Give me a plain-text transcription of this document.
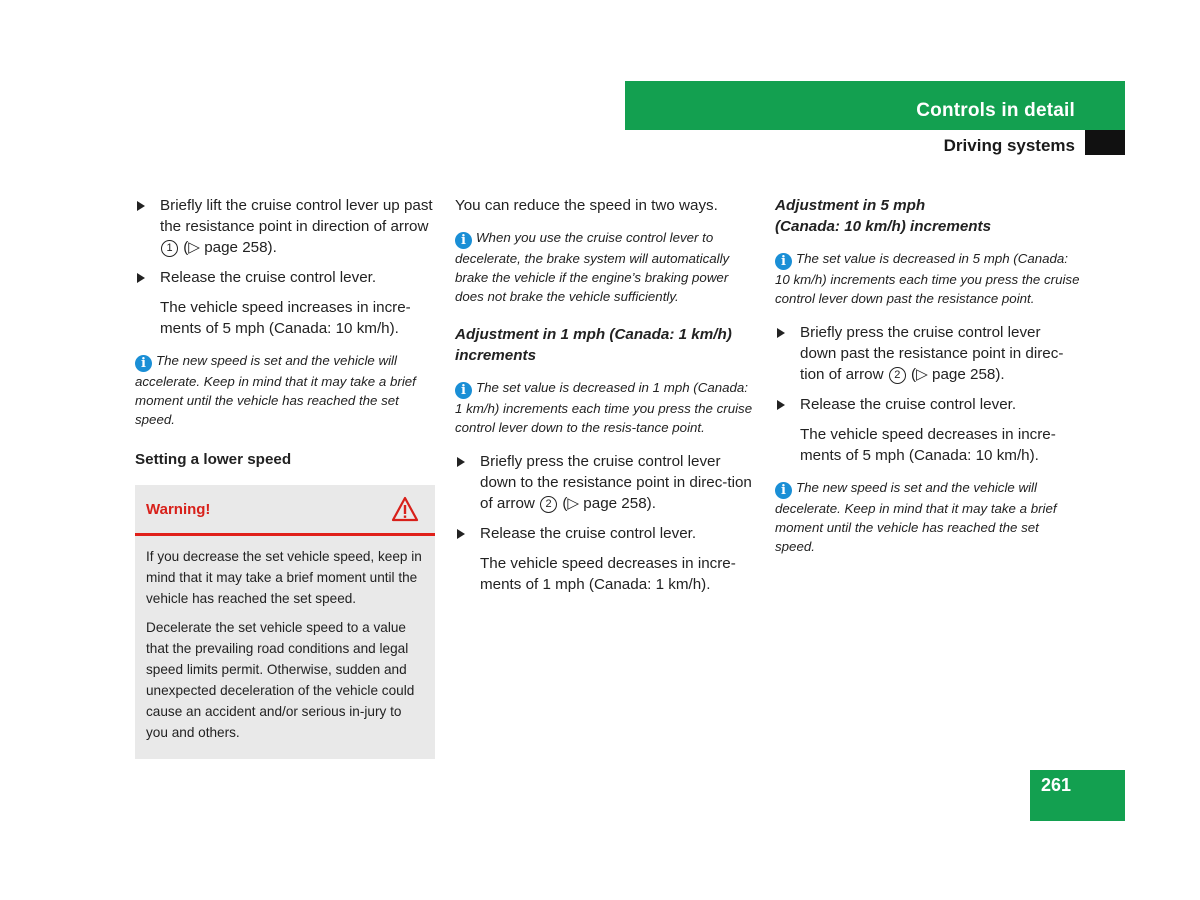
Controls in detail
Driving systems
Briefly lift the cruise control lever up past the resistance point in direction of arrow 1 (▷ page 258).
Release the cruise control lever.

The vehicle speed increases in incre-ments of 5 mph (Canada: 10 km/h).

i The new speed is set and the vehicle will accelerate. Keep in mind that it may take a brief moment until the vehicle has reached the set speed.

Setting a lower speed
Warning!

If you decrease the set vehicle speed, keep in mind that it may take a brief moment until the vehicle has reached the set speed.

Decelerate the set vehicle speed to a value that the prevailing road conditions and legal speed limits permit. Otherwise, sudden and unexpected deceleration of the vehicle could cause an accident and/or serious in-jury to you and others.

You can reduce the speed in two ways.

i When you use the cruise control lever to decelerate, the brake system will automatically brake the vehicle if the engine’s braking power does not brake the vehicle sufficiently.

Adjustment in 1 mph (Canada: 1 km/h) increments

i The set value is decreased in 1 mph (Canada: 1 km/h) increments each time you press the cruise control lever down to the resis-tance point.

Briefly press the cruise control lever down to the resistance point in direc-tion of arrow 2 (▷ page 258).
Release the cruise control lever.

The vehicle speed decreases in incre-ments of 1 mph (Canada: 1 km/h).

Adjustment in 5 mph
(Canada: 10 km/h) increments

i The set value is decreased in 5 mph (Canada: 10 km/h) increments each time you press the cruise control lever down past the resistance point.

Briefly press the cruise control lever down past the resistance point in direc-tion of arrow 2 (▷ page 258).
Release the cruise control lever.

The vehicle speed decreases in incre-ments of 5 mph (Canada: 10 km/h).

i The new speed is set and the vehicle will decelerate. Keep in mind that it may take a brief moment until the vehicle has reached the set speed.

261
